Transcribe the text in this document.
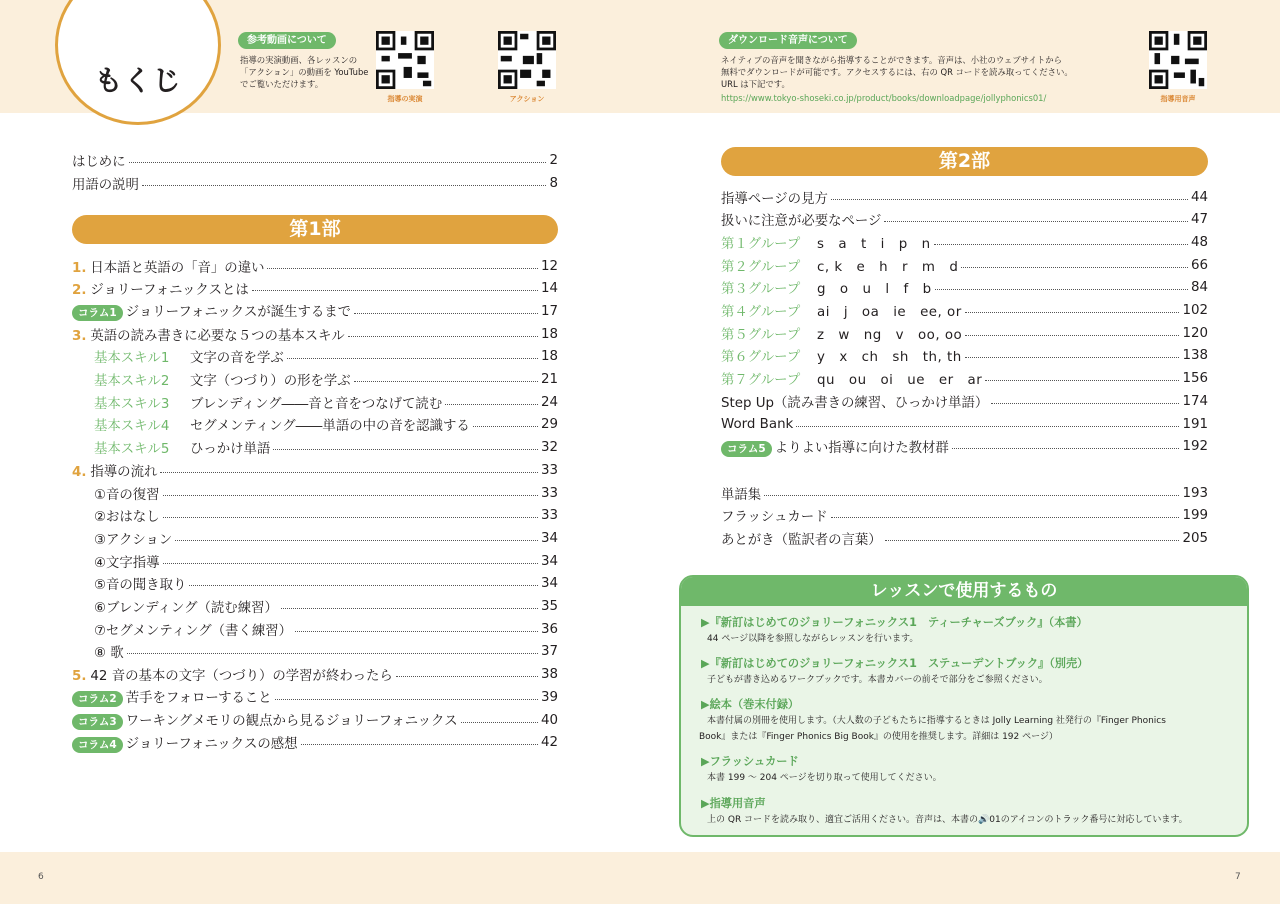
もくじ
参考動画について
指導の実演動画、各レッスンの
「アクション」の動画を YouTube
でご覧いただけます。
指導の実演	アクション
ダウンロード音声について
ネイティブの音声を聞きながら指導することができます。音声は、小社のウェブサイトから
無料でダウンロードが可能です。アクセスするには、右の QR コードを読み取ってください。
URL は下記です。
https://www.tokyo-shoseki.co.jp/product/books/downloadpage/jollyphonics01/	指導用音声
はじめに	2
用語の説明	8
第1部
1. 日本語と英語の「音」の違い	12
2. ジョリーフォニックスとは	14
コラム1 ジョリーフォニックスが誕生するまで	17
3. 英語の読み書きに必要な５つの基本スキル	18
基本スキル1 文字の音を学ぶ	18
基本スキル2 文字（つづり）の形を学ぶ	21
基本スキル3 ブレンディング――音と音をつなげて読む	24
基本スキル4 セグメンティング――単語の中の音を認識する	29
基本スキル5 ひっかけ単語	32
4. 指導の流れ	33
①音の復習	33
②おはなし	33
③アクション	34
④文字指導	34
⑤音の聞き取り	34
⑥ブレンディング（読む練習）	35
⑦セグメンティング（書く練習）	36
⑧ 歌	37
5. 42 音の基本の文字（つづり）の学習が終わったら	38
コラム2 苦手をフォローすること	39
コラム3 ワーキングメモリの観点から見るジョリーフォニックス	40
コラム4 ジョリーフォニックスの感想	42
第2部
指導ページの見方	44
扱いに注意が必要なページ	47
第１グループ s　a　t　i　p　n	48
第２グループ c, k　e　h　r　m　d	66
第３グループ g　o　u　l　f　b	84
第４グループ ai　j　oa　ie　ee, or	102
第５グループ z　w　ng　v　oo, oo	120
第６グループ y　x　ch　sh　th, th	138
第７グループ qu　ou　oi　ue　er　ar	156
Step Up（読み書きの練習、ひっかけ単語）	174
Word Bank	191
コラム5 よりよい指導に向けた教材群	192
単語集	193
フラッシュカード	199
あとがき（監訳者の言葉）	205
レッスンで使用するもの
▶『新訂はじめてのジョリーフォニックス1　ティーチャーズブック』（本書）
44 ページ以降を参照しながらレッスンを行います。
▶『新訂はじめてのジョリーフォニックス1　ステューデントブック』（別売）
子どもが書き込めるワークブックです。本書カバーの前そで部分をご参照ください。
▶絵本（巻末付録）
本書付属の別冊を使用します。（大人数の子どもたちに指導するときは Jolly Learning 社発行の『Finger Phonics
Book』または『Finger Phonics Big Book』の使用を推奨します。詳細は 192 ページ）
▶フラッシュカード
本書 199 ～ 204 ページを切り取って使用してください。
▶指導用音声
上の QR コードを読み取り、適宜ご活用ください。音声は、本書の🔊01のアイコンのトラック番号に対応しています。
6	7
